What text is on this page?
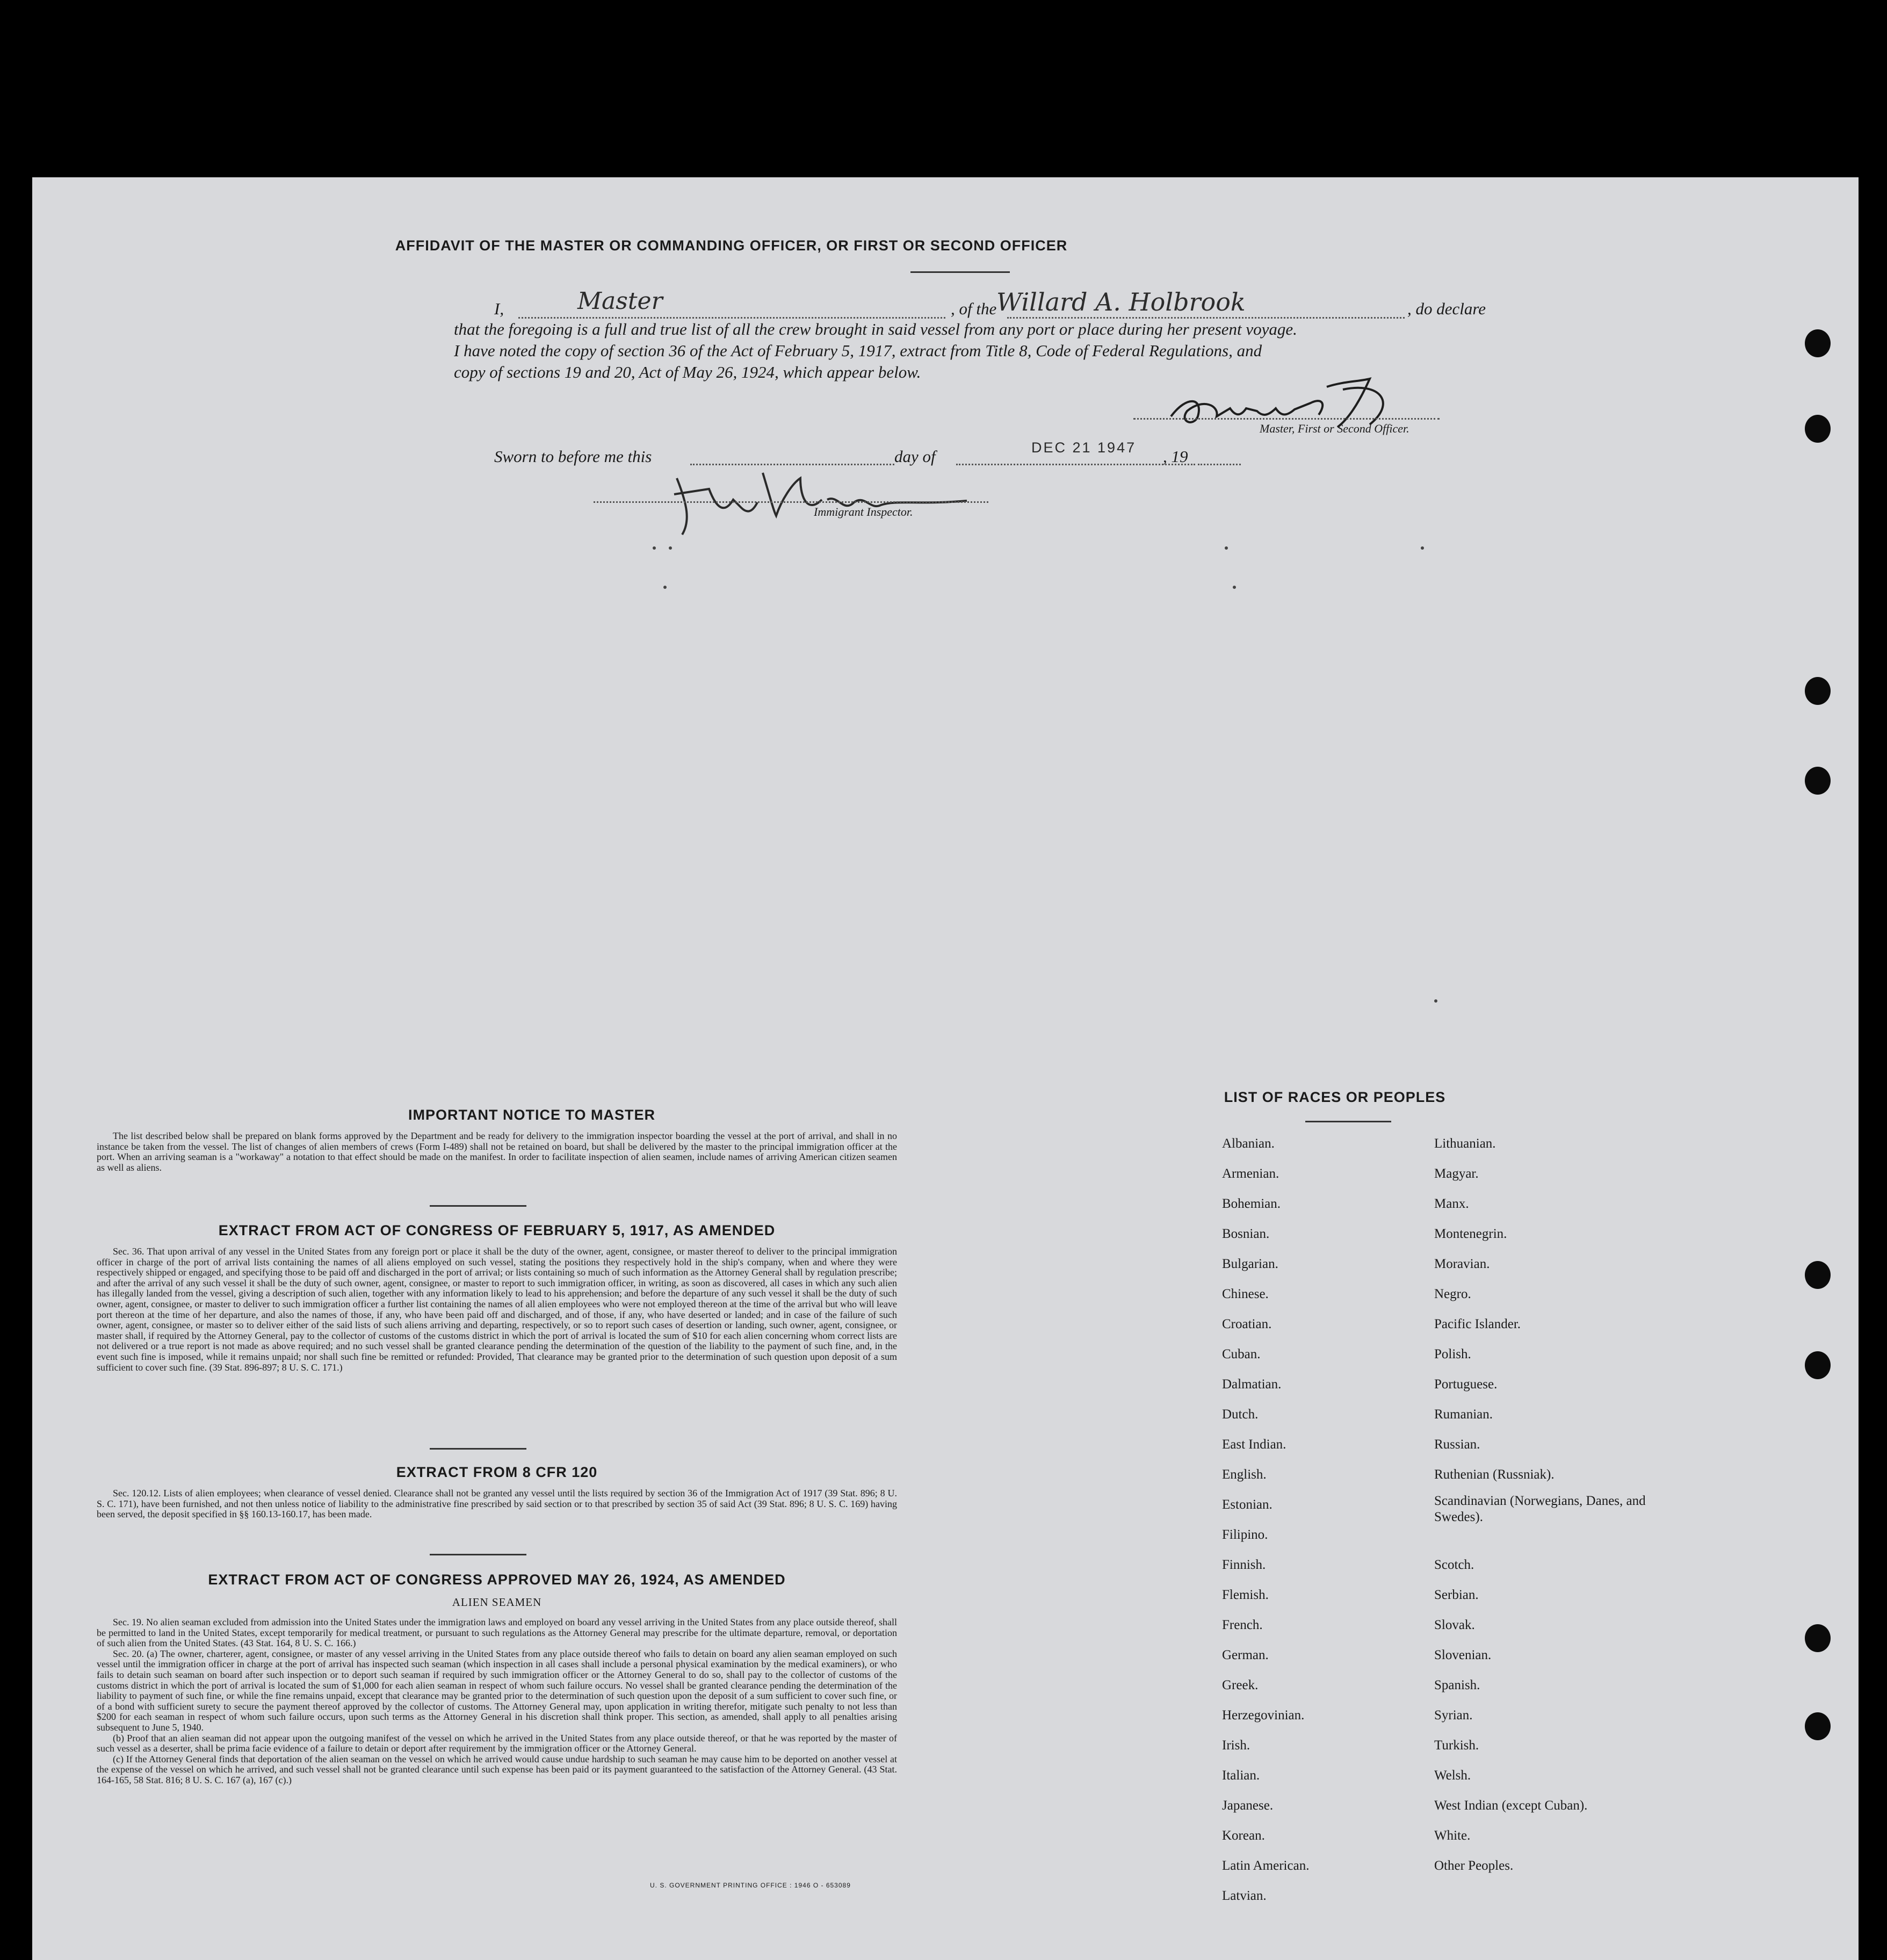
AFFIDAVIT OF THE MASTER OR COMMANDING OFFICER, OR FIRST OR SECOND OFFICER
I,	Master	, of the Willard A. Holbrook	, do declare
that the foregoing is a full and true list of all the crew brought in said vessel from any port or place during her present voyage.
I have noted the copy of section 36 of the Act of February 5, 1917, extract from Title 8, Code of Federal Regulations, and
copy of sections 19 and 20, Act of May 26, 1924, which appear below.
Master, First or Second Officer.
Sworn to before me this	day of	DEC 21 1947 , 19
Immigrant Inspector.
IMPORTANT NOTICE TO MASTER

The list described below shall be prepared on blank forms approved by the Department and be ready for delivery to the immigration inspector boarding the vessel at the port of arrival, and shall in no instance be taken from the vessel. The list of changes of alien members of crews (Form I-489) shall not be retained on board, but shall be delivered by the master to the principal immigration officer at the port. When an arriving seaman is a "workaway" a notation to that effect should be made on the manifest. In order to facilitate inspection of alien seamen, include names of arriving American citizen seamen as well as aliens.

EXTRACT FROM ACT OF CONGRESS OF FEBRUARY 5, 1917, AS AMENDED

Sec. 36. That upon arrival of any vessel in the United States from any foreign port or place it shall be the duty of the owner, agent, consignee, or master thereof to deliver to the principal immigration officer in charge of the port of arrival lists containing the names of all aliens employed on such vessel, stating the positions they respectively hold in the ship's company, when and where they were respectively shipped or engaged, and specifying those to be paid off and discharged in the port of arrival; or lists containing so much of such information as the Attorney General shall by regulation prescribe; and after the arrival of any such vessel it shall be the duty of such owner, agent, consignee, or master to report to such immigration officer, in writing, as soon as discovered, all cases in which any such alien has illegally landed from the vessel, giving a description of such alien, together with any information likely to lead to his apprehension; and before the departure of any such vessel it shall be the duty of such owner, agent, consignee, or master to deliver to such immigration officer a further list containing the names of all alien employees who were not employed thereon at the time of the arrival but who will leave port thereon at the time of her departure, and also the names of those, if any, who have been paid off and discharged, and of those, if any, who have deserted or landed; and in case of the failure of such owner, agent, consignee, or master so to deliver either of the said lists of such aliens arriving and departing, respectively, or so to report such cases of desertion or landing, such owner, agent, consignee, or master shall, if required by the Attorney General, pay to the collector of customs of the customs district in which the port of arrival is located the sum of $10 for each alien concerning whom correct lists are not delivered or a true report is not made as above required; and no such vessel shall be granted clearance pending the determination of the question of the liability to the payment of such fine, and, in the event such fine is imposed, while it remains unpaid; nor shall such fine be remitted or refunded: Provided, That clearance may be granted prior to the determination of such question upon deposit of a sum sufficient to cover such fine. (39 Stat. 896-897; 8 U. S. C. 171.)

EXTRACT FROM 8 CFR 120

Sec. 120.12. Lists of alien employees; when clearance of vessel denied. Clearance shall not be granted any vessel until the lists required by section 36 of the Immigration Act of 1917 (39 Stat. 896; 8 U. S. C. 171), have been furnished, and not then unless notice of liability to the administrative fine prescribed by said section or to that prescribed by section 35 of said Act (39 Stat. 896; 8 U. S. C. 169) having been served, the deposit specified in §§ 160.13-160.17, has been made.

EXTRACT FROM ACT OF CONGRESS APPROVED MAY 26, 1924, AS AMENDED
ALIEN SEAMEN

Sec. 19. No alien seaman excluded from admission into the United States under the immigration laws and employed on board any vessel arriving in the United States from any place outside thereof, shall be permitted to land in the United States, except temporarily for medical treatment, or pursuant to such regulations as the Attorney General may prescribe for the ultimate departure, removal, or deportation of such alien from the United States. (43 Stat. 164, 8 U. S. C. 166.)

Sec. 20. (a) The owner, charterer, agent, consignee, or master of any vessel arriving in the United States from any place outside thereof who fails to detain on board any alien seaman employed on such vessel until the immigration officer in charge at the port of arrival has inspected such seaman (which inspection in all cases shall include a personal physical examination by the medical examiners), or who fails to detain such seaman on board after such inspection or to deport such seaman if required by such immigration officer or the Attorney General to do so, shall pay to the collector of customs of the customs district in which the port of arrival is located the sum of $1,000 for each alien seaman in respect of whom such failure occurs. No vessel shall be granted clearance pending the determination of the liability to payment of such fine, or while the fine remains unpaid, except that clearance may be granted prior to the determination of such question upon the deposit of a sum sufficient to cover such fine, or of a bond with sufficient surety to secure the payment thereof approved by the collector of customs. The Attorney General may, upon application in writing therefor, mitigate such penalty to not less than $200 for each seaman in respect of whom such failure occurs, upon such terms as the Attorney General in his discretion shall think proper. This section, as amended, shall apply to all penalties arising subsequent to June 5, 1940.

(b) Proof that an alien seaman did not appear upon the outgoing manifest of the vessel on which he arrived in the United States from any place outside thereof, or that he was reported by the master of such vessel as a deserter, shall be prima facie evidence of a failure to detain or deport after requirement by the immigration officer or the Attorney General.

(c) If the Attorney General finds that deportation of the alien seaman on the vessel on which he arrived would cause undue hardship to such seaman he may cause him to be deported on another vessel at the expense of the vessel on which he arrived, and such vessel shall not be granted clearance until such expense has been paid or its payment guaranteed to the satisfaction of the Attorney General. (43 Stat. 164-165, 58 Stat. 816; 8 U. S. C. 167 (a), 167 (c).)

U. S. GOVERNMENT PRINTING OFFICE : 1946 O - 653089
LIST OF RACES OR PEOPLES
Albanian.
Armenian.
Bohemian.
Bosnian.
Bulgarian.
Chinese.
Croatian.
Cuban.
Dalmatian.
Dutch.
East Indian.
English.
Estonian.
Filipino.
Finnish.
Flemish.
French.
German.
Greek.
Herzegovinian.
Irish.
Italian.
Japanese.
Korean.
Latin American.
Latvian.
Lithuanian.
Magyar.
Manx.
Montenegrin.
Moravian.
Negro.
Pacific Islander.
Polish.
Portuguese.
Rumanian.
Russian.
Ruthenian (Russniak).
Scandinavian (Norwegians, Danes, and Swedes).
Scotch.
Serbian.
Slovak.
Slovenian.
Spanish.
Syrian.
Turkish.
Welsh.
West Indian (except Cuban).
White.
Other Peoples.
